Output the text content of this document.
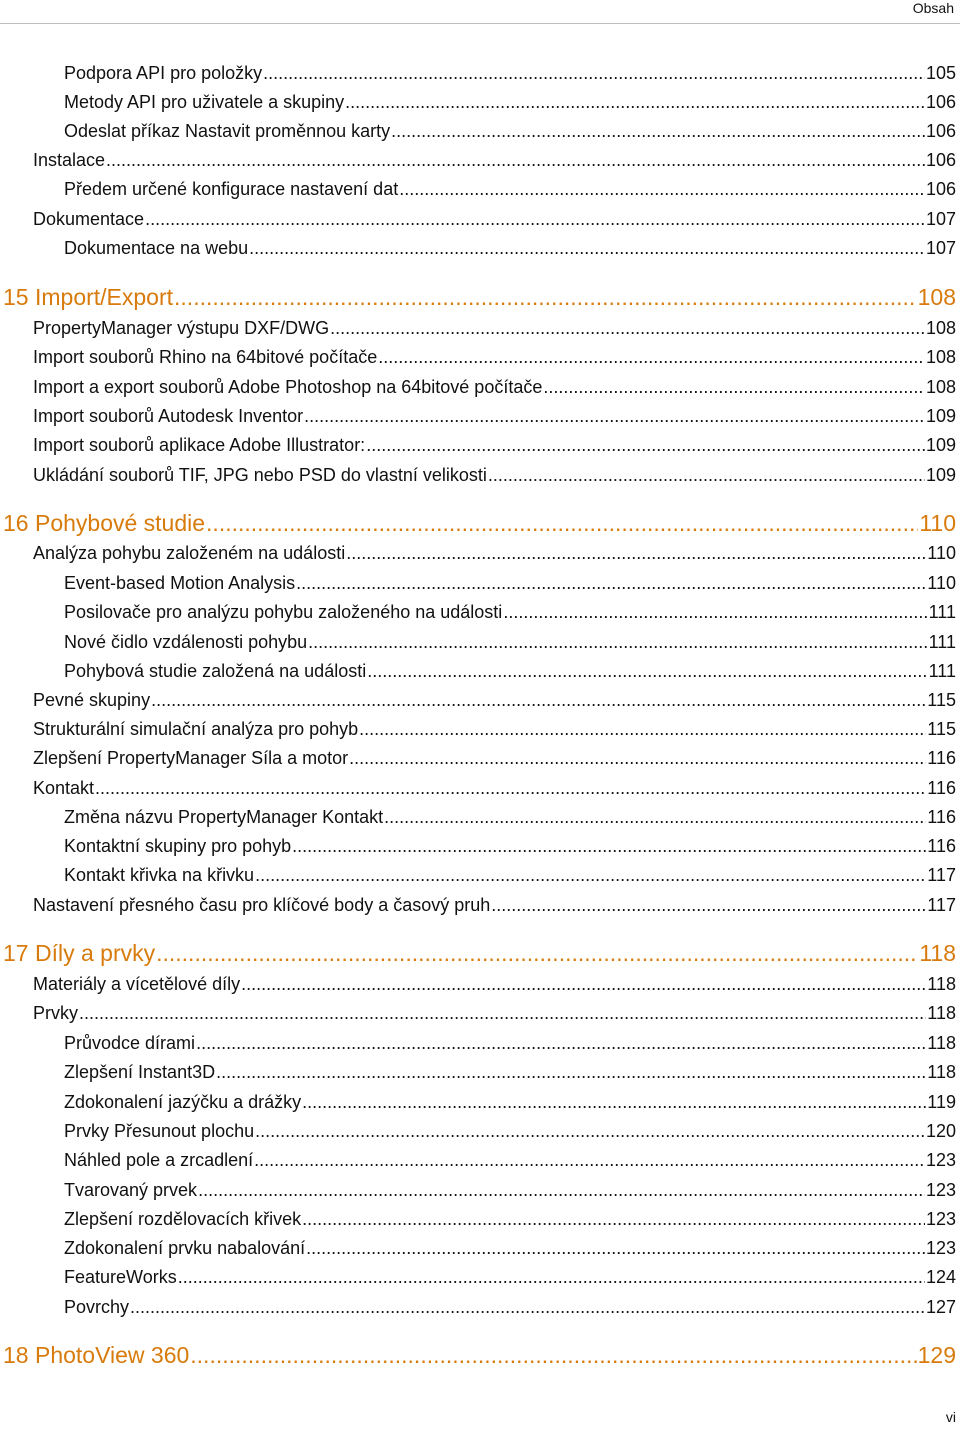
Obsah
Podpora API pro položky .....	105
Metody API pro uživatele a skupiny .....	106
Odeslat příkaz Nastavit proměnnou karty .....	106
Instalace .....	106
Předem určené konfigurace nastavení dat .....	106
Dokumentace .....	107
Dokumentace na webu .....	107
15 Import/Export .....	108
PropertyManager výstupu DXF/DWG .....	108
Import souborů Rhino na 64bitové počítače .....	108
Import a export souborů Adobe Photoshop na 64bitové počítače .....	108
Import souborů Autodesk Inventor .....	109
Import souborů aplikace Adobe Illustrator: .....	109
Ukládání souborů TIF, JPG nebo PSD do vlastní velikosti .....	109
16 Pohybové studie .....	110
Analýza pohybu založeném na události .....	110
Event-based Motion Analysis .....	110
Posilovače pro analýzu pohybu založeného na události .....	111
Nové čidlo vzdálenosti pohybu .....	111
Pohybová studie založená na události .....	111
Pevné skupiny .....	115
Strukturální simulační analýza pro pohyb .....	115
Zlepšení PropertyManager Síla a motor .....	116
Kontakt .....	116
Změna názvu PropertyManager Kontakt .....	116
Kontaktní skupiny pro pohyb .....	116
Kontakt křivka na křivku .....	117
Nastavení přesného času pro klíčové body a časový pruh .....	117
17 Díly a prvky .....	118
Materiály a vícetělové díly .....	118
Prvky .....	118
Průvodce dírami .....	118
Zlepšení Instant3D .....	118
Zdokonalení jazýčku a drážky .....	119
Prvky Přesunout plochu .....	120
Náhled pole a zrcadlení .....	123
Tvarovaný prvek .....	123
Zlepšení rozdělovacích křivek .....	123
Zdokonalení prvku nabalování .....	123
FeatureWorks .....	124
Povrchy .....	127
18 PhotoView 360 .....	129
vi
